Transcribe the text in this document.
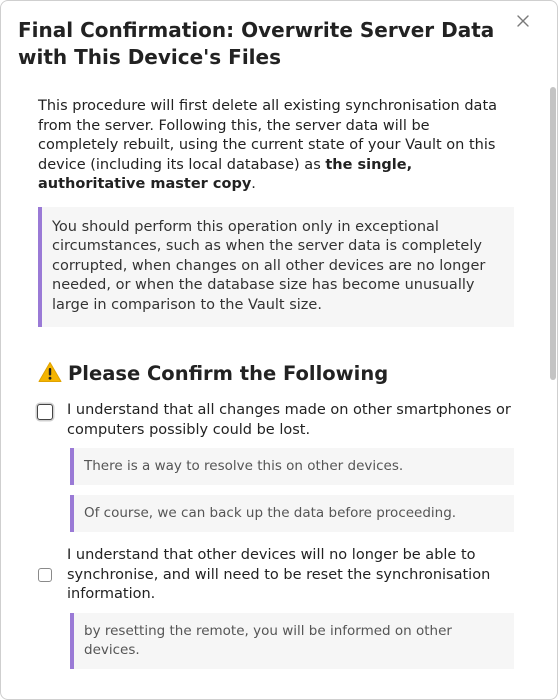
Final Confirmation: Overwrite Server Data with This Device's Files

This procedure will first delete all existing synchronisation data from the server. Following this, the server data will be completely rebuilt, using the current state of your Vault on this device (including its local database) as the single, authoritative master copy.

You should perform this operation only in exceptional circumstances, such as when the server data is completely corrupted, when changes on all other devices are no longer needed, or when the database size has become unusually large in comparison to the Vault size.
Please Confirm the Following
I understand that all changes made on other smartphones or computers possibly could be lost.
There is a way to resolve this on other devices.
Of course, we can back up the data before proceeding.
I understand that other devices will no longer be able to synchronise, and will need to be reset the synchronisation information.
by resetting the remote, you will be informed on other devices.
